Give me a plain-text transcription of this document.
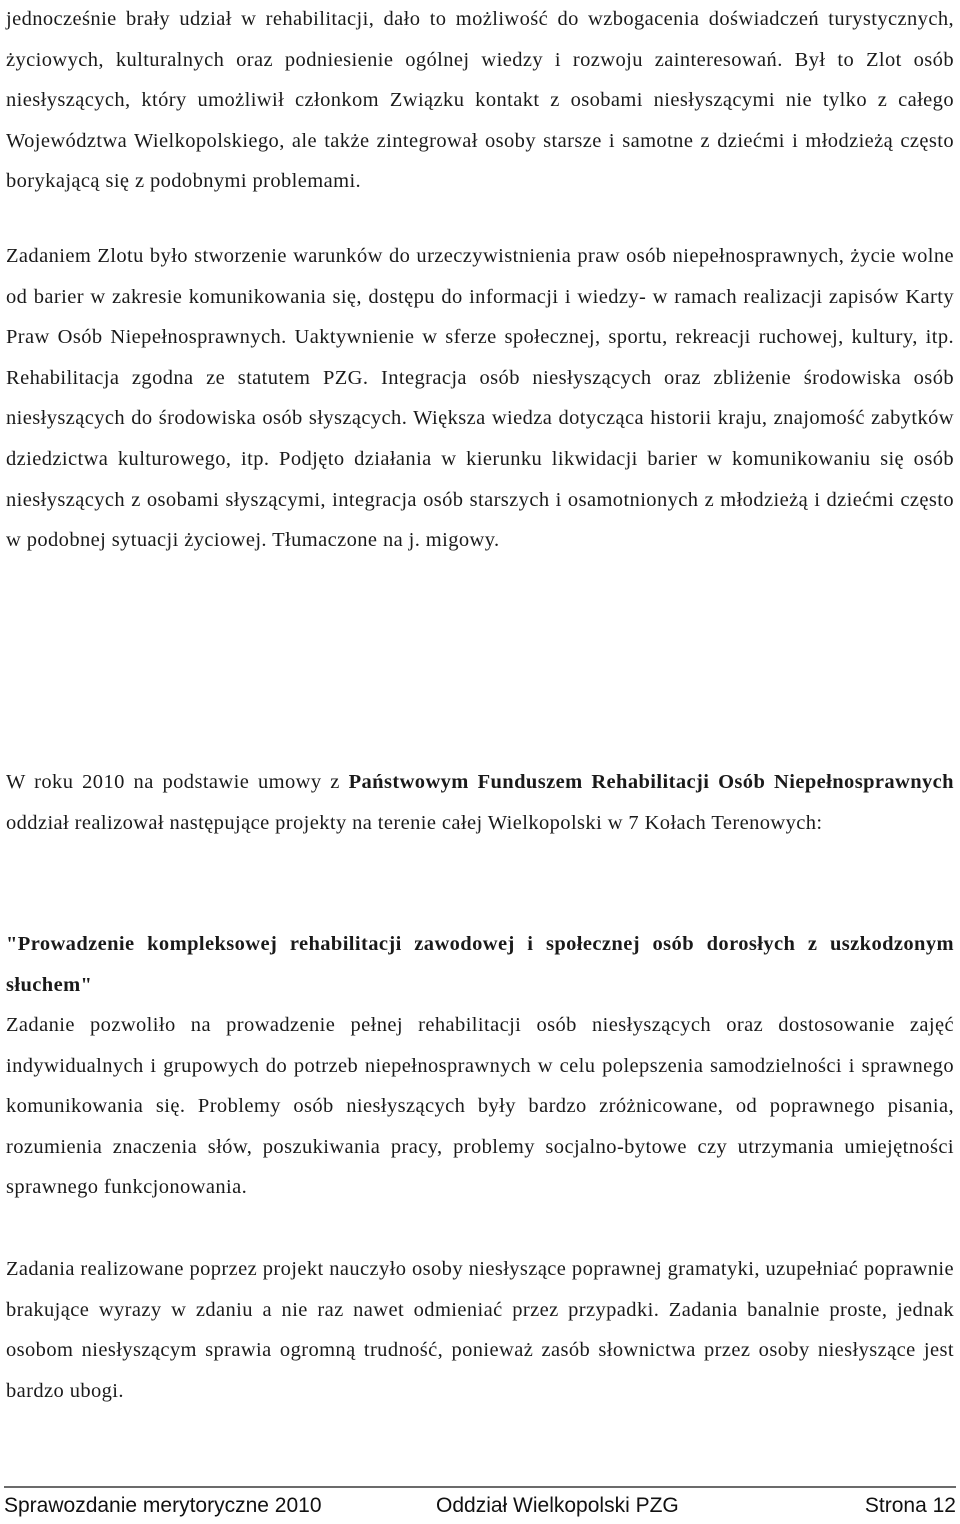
jednocześnie brały udział w rehabilitacji, dało to możliwość do wzbogacenia doświadczeń turystycznych, życiowych, kulturalnych oraz podniesienie ogólnej wiedzy i rozwoju zainteresowań. Był to Zlot osób niesłyszących, który umożliwił członkom Związku kontakt z osobami niesłyszącymi nie tylko z całego Województwa Wielkopolskiego, ale także zintegrował osoby starsze i samotne z dziećmi i młodzieżą często borykającą się z podobnymi problemami.

Zadaniem Zlotu było stworzenie warunków do urzeczywistnienia praw osób niepełnosprawnych, życie wolne od barier w zakresie komunikowania się, dostępu do informacji i wiedzy- w ramach realizacji zapisów Karty Praw Osób Niepełnosprawnych. Uaktywnienie w sferze społecznej, sportu, rekreacji ruchowej, kultury, itp. Rehabilitacja zgodna ze statutem PZG. Integracja osób niesłyszących oraz zbliżenie środowiska osób niesłyszących do środowiska osób słyszących. Większa wiedza dotycząca historii kraju, znajomość zabytków dziedzictwa kulturowego, itp. Podjęto działania w kierunku likwidacji barier w komunikowaniu się osób niesłyszących z osobami słyszącymi, integracja osób starszych i osamotnionych z młodzieżą i dziećmi często w podobnej sytuacji życiowej. Tłumaczone na j. migowy.

W roku 2010 na podstawie umowy z Państwowym Funduszem Rehabilitacji Osób Niepełnosprawnych oddział realizował następujące projekty na terenie całej Wielkopolski w 7 Kołach Terenowych:

"Prowadzenie kompleksowej rehabilitacji zawodowej i społecznej osób dorosłych z uszkodzonym słuchem"

Zadanie pozwoliło na prowadzenie pełnej rehabilitacji osób niesłyszących oraz dostosowanie zajęć indywidualnych i grupowych do potrzeb niepełnosprawnych w celu polepszenia samodzielności i sprawnego komunikowania się. Problemy osób niesłyszących były bardzo zróżnicowane, od poprawnego pisania, rozumienia znaczenia słów, poszukiwania pracy, problemy socjalno-bytowe czy utrzymania umiejętności sprawnego funkcjonowania.

Zadania realizowane poprzez projekt nauczyło osoby niesłyszące poprawnej gramatyki, uzupełniać poprawnie brakujące wyrazy w zdaniu a nie raz nawet odmieniać przez przypadki. Zadania banalnie proste, jednak osobom niesłyszącym sprawia ogromną trudność, ponieważ zasób słownictwa przez osoby niesłyszące jest bardzo ubogi.

Sprawozdanie merytoryczne 2010	Oddział Wielkopolski PZG	Strona 12
